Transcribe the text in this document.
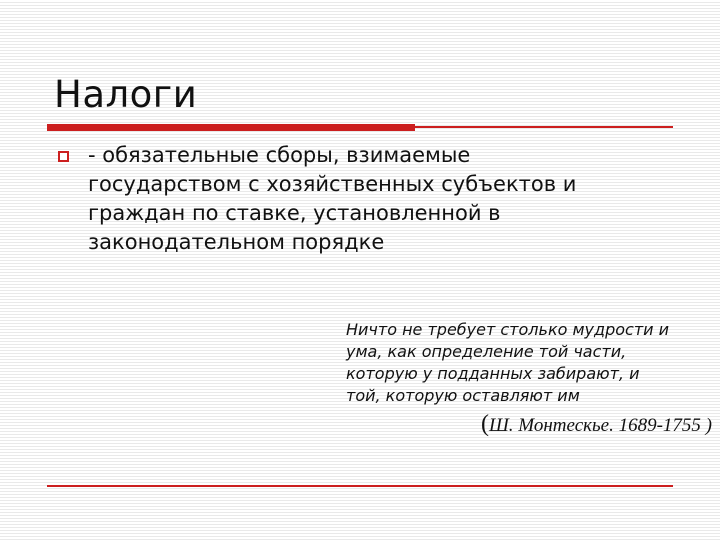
Налоги
- обязательные сборы, взимаемые
государством с хозяйственных субъектов и
граждан по ставке, установленной в
законодательном порядке
Ничто не требует столько мудрости и
ума, как определение той части,
которую у подданных забирают, и
той, которую оставляют им
(Ш. Монтескье. 1689-1755 )
